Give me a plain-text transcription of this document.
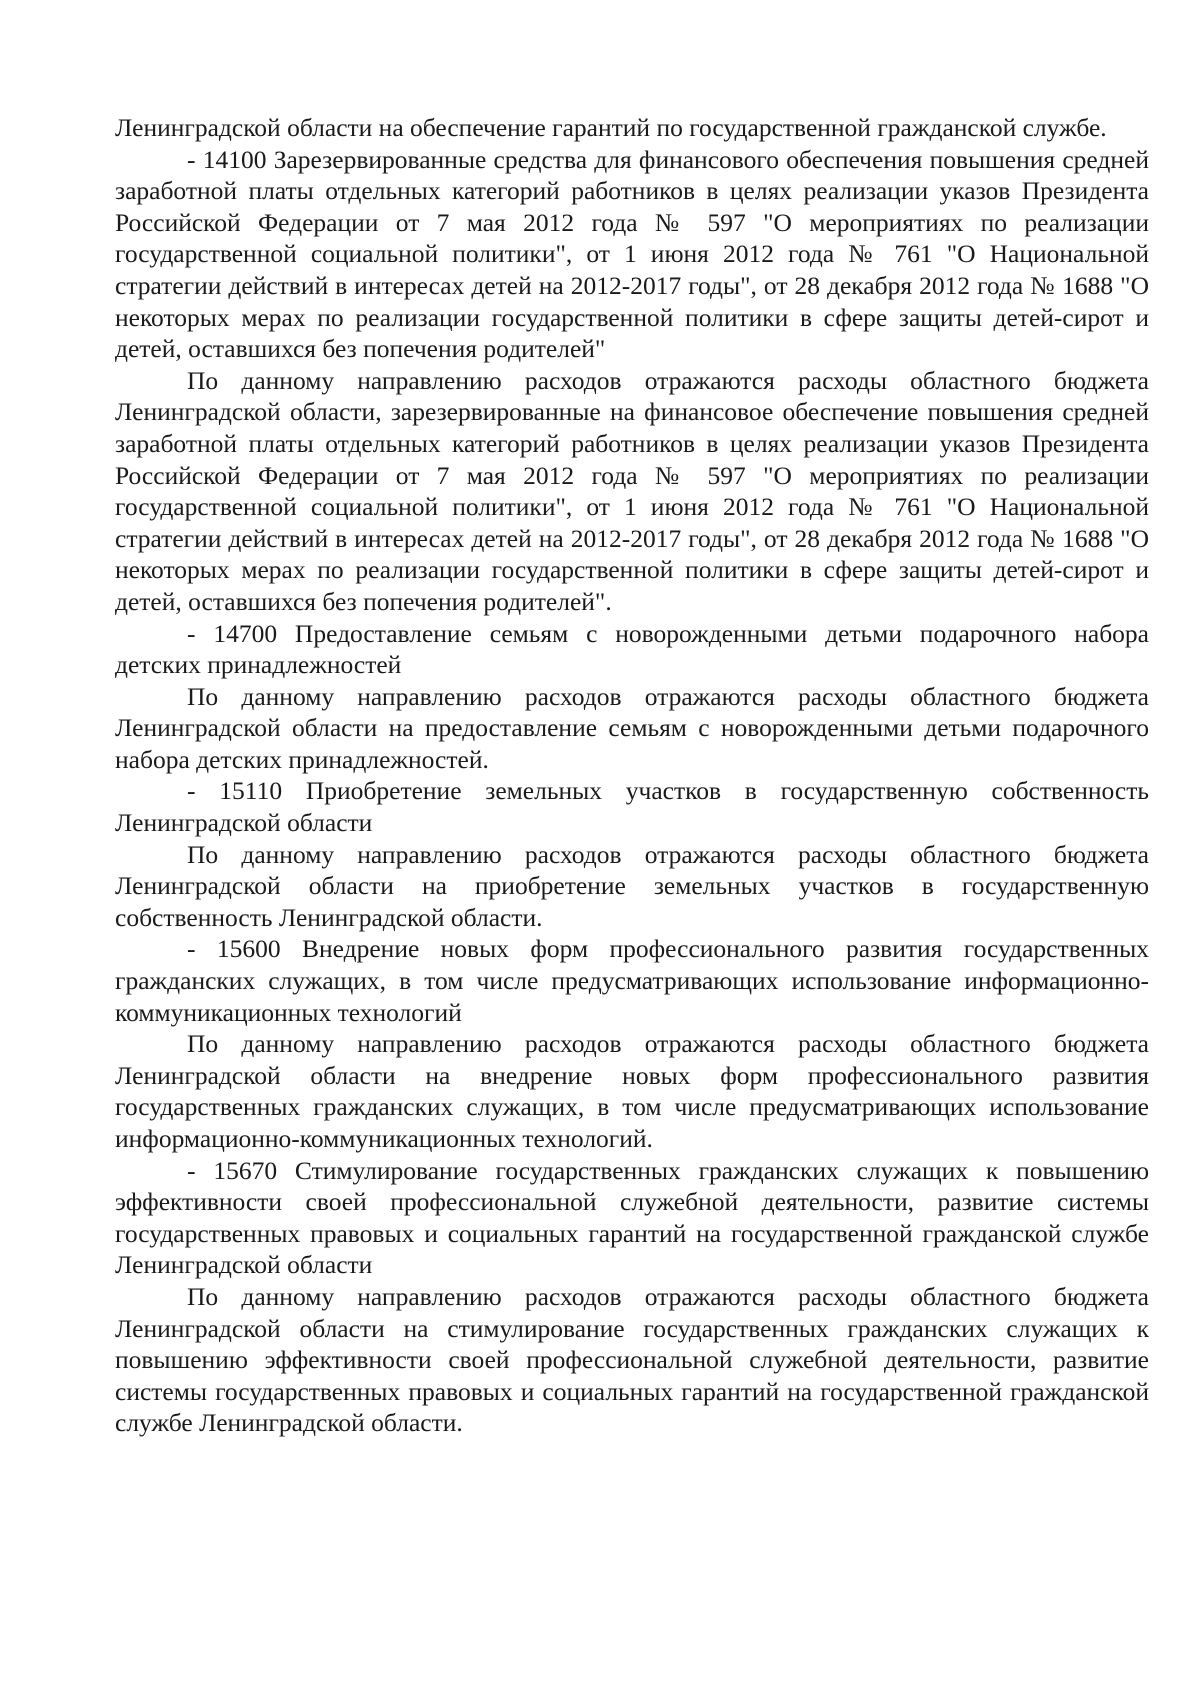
Ленинградской области на обеспечение гарантий по государственной гражданской службе.

- 14100 Зарезервированные средства для финансового обеспечения повышения средней заработной платы отдельных категорий работников в целях реализации указов Президента Российской Федерации от 7 мая 2012 года № 597 "О мероприятиях по реализации государственной социальной политики", от 1 июня 2012 года № 761 "О Национальной стратегии действий в интересах детей на 2012-2017 годы", от 28 декабря 2012 года № 1688 "О некоторых мерах по реализации государственной политики в сфере защиты детей-сирот и детей, оставшихся без попечения родителей"

По данному направлению расходов отражаются расходы областного бюджета Ленинградской области, зарезервированные на финансовое обеспечение повышения средней заработной платы отдельных категорий работников в целях реализации указов Президента Российской Федерации от 7 мая 2012 года № 597 "О мероприятиях по реализации государственной социальной политики", от 1 июня 2012 года № 761 "О Национальной стратегии действий в интересах детей на 2012-2017 годы", от 28 декабря 2012 года № 1688 "О некоторых мерах по реализации государственной политики в сфере защиты детей-сирот и детей, оставшихся без попечения родителей".

- 14700 Предоставление семьям с новорожденными детьми подарочного набора детских принадлежностей

По данному направлению расходов отражаются расходы областного бюджета Ленинградской области на предоставление семьям с новорожденными детьми подарочного набора детских принадлежностей.

- 15110 Приобретение земельных участков в государственную собственность Ленинградской области

По данному направлению расходов отражаются расходы областного бюджета Ленинградской области на приобретение земельных участков в государственную собственность Ленинградской области.

- 15600 Внедрение новых форм профессионального развития государственных гражданских служащих, в том числе предусматривающих использование информационно-коммуникационных технологий

По данному направлению расходов отражаются расходы областного бюджета Ленинградской области на внедрение новых форм профессионального развития государственных гражданских служащих, в том числе предусматривающих использование информационно-коммуникационных технологий.

- 15670 Стимулирование государственных гражданских служащих к повышению эффективности своей профессиональной служебной деятельности, развитие системы государственных правовых и социальных гарантий на государственной гражданской службе Ленинградской области

По данному направлению расходов отражаются расходы областного бюджета Ленинградской области на стимулирование государственных гражданских служащих к повышению эффективности своей профессиональной служебной деятельности, развитие системы государственных правовых и социальных гарантий на государственной гражданской службе Ленинградской области.
